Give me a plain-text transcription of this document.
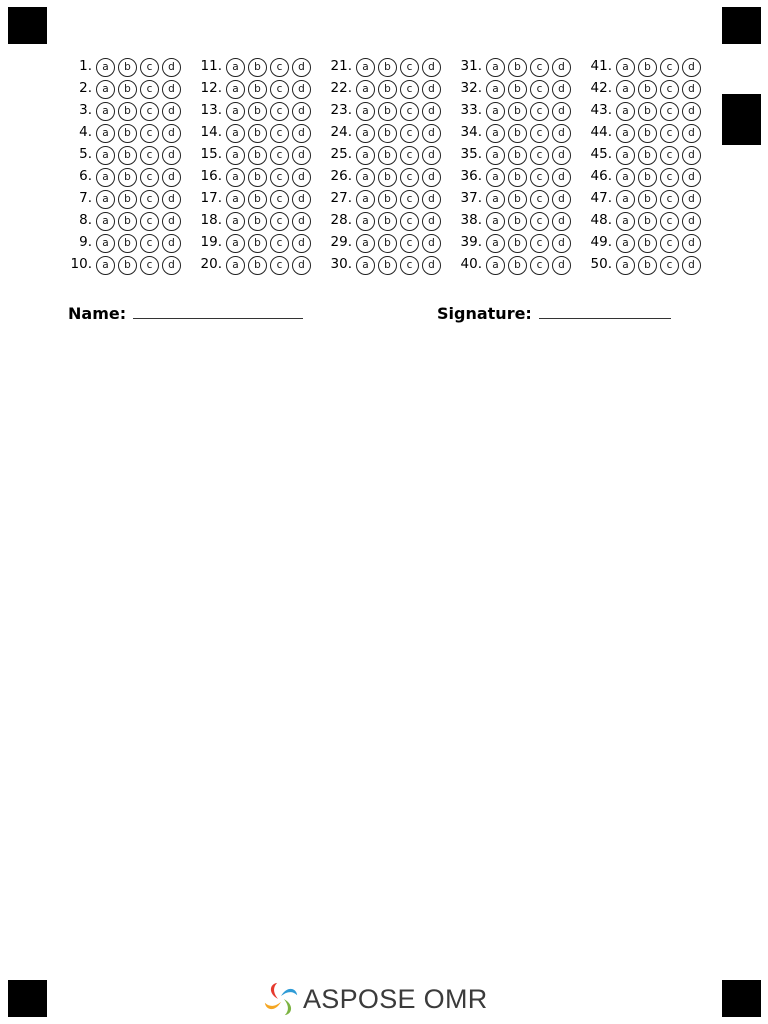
1. a	b	c	d
2. a	b	c	d
3. a	b	c	d
4. a	b	c	d
5. a	b	c	d
6. a	b	c	d
7. a	b	c	d
8. a	b	c	d
9. a	b	c	d
10. a	b	c	d
11. a	b	c	d
12. a	b	c	d
13. a	b	c	d
14. a	b	c	d
15. a	b	c	d
16. a	b	c	d
17. a	b	c	d
18. a	b	c	d
19. a	b	c	d
20. a	b	c	d
21. a	b	c	d
22. a	b	c	d
23. a	b	c	d
24. a	b	c	d
25. a	b	c	d
26. a	b	c	d
27. a	b	c	d
28. a	b	c	d
29. a	b	c	d
30. a	b	c	d
31. a	b	c	d
32. a	b	c	d
33. a	b	c	d
34. a	b	c	d
35. a	b	c	d
36. a	b	c	d
37. a	b	c	d
38. a	b	c	d
39. a	b	c	d
40. a	b	c	d
41. a	b	c	d
42. a	b	c	d
43. a	b	c	d
44. a	b	c	d
45. a	b	c	d
46. a	b	c	d
47. a	b	c	d
48. a	b	c	d
49. a	b	c	d
50. a	b	c	d
Name:	Signature:
ASPOSE OMR
